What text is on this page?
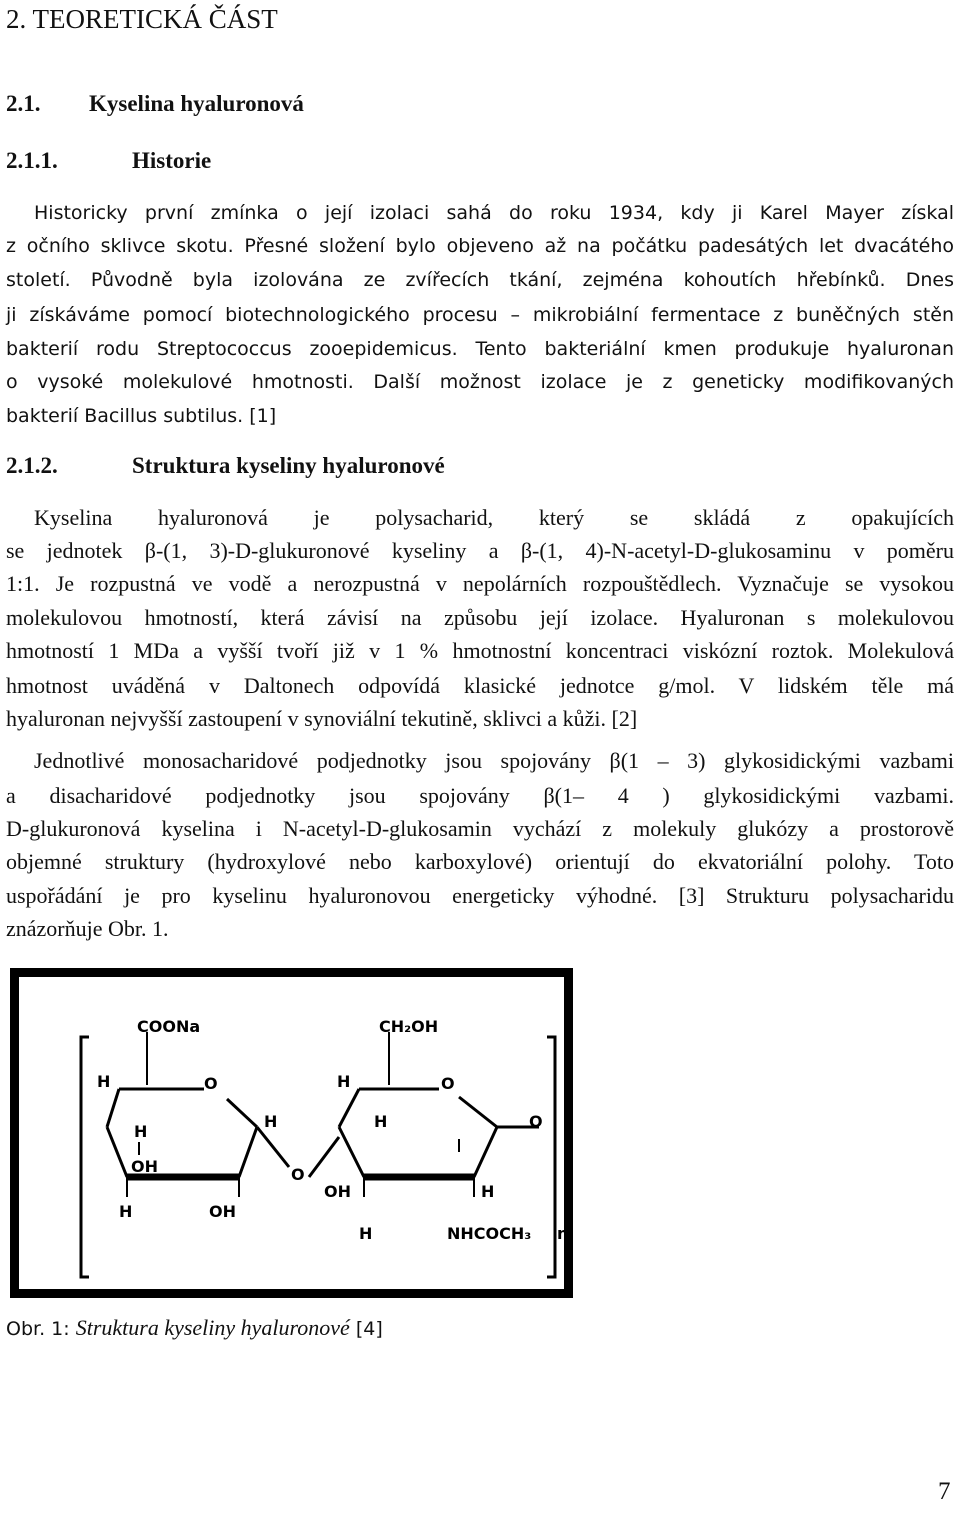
2. TEORETICKÁ ČÁST
2.1. Kyselina hyaluronová
2.1.1.	Historie
Historicky první zmínka o její izolaci sahá do roku 1934, kdy ji Karel Mayer získal
z očního sklivce skotu. Přesné složení bylo objeveno až na počátku padesátých let dvacátého
století. Původně byla izolována ze zvířecích tkání, zejména kohoutích hřebínků. Dnes
ji získáváme pomocí biotechnologického procesu – mikrobiální fermentace z buněčných stěn
bakterií rodu Streptococcus zooepidemicus. Tento bakteriální kmen produkuje hyaluronan
o vysoké molekulové hmotnosti. Další možnost izolace je z geneticky modifikovaných
bakterií Bacillus subtilus. [1]
2.1.2.	Struktura kyseliny hyaluronové
Kyselina hyaluronová je polysacharid, který se skládá z opakujících
se jednotek β-(1, 3)-D-glukuronové kyseliny a β-(1, 4)-N-acetyl-D-glukosaminu v poměru
1:1. Je rozpustná ve vodě a nerozpustná v nepolárních rozpouštědlech. Vyznačuje se vysokou
molekulovou hmotností, která závisí na způsobu její izolace. Hyaluronan s molekulovou
hmotností 1 MDa a vyšší tvoří již v 1 % hmotnostní koncentraci viskózní roztok. Molekulová
hmotnost uváděná v Daltonech odpovídá klasické jednotce g/mol. V lidském těle má
hyaluronan nejvyšší zastoupení v synoviální tekutině, sklivci a kůži. [2]
Jednotlivé monosacharidové podjednotky jsou spojovány β(1 – 3) glykosidickými vazbami
a disacharidové podjednotky jsou spojovány β(1– 4 ) glykosidickými vazbami.
D-glukuronová kyselina i N-acetyl-D-glukosamin vychází z molekuly glukózy a prostorově
objemné struktury (hydroxylové nebo karboxylové) orientují do ekvatoriální polohy. Toto
uspořádání je pro kyselinu hyaluronovou energeticky výhodné. [3] Strukturu polysacharidu
znázorňuje Obr. 1.
COONa	CH₂OH
H	O
H
H
OH	O
H	OH
H	O
H	O
OH	H
H	NHCOCH₃ n
Obr. 1: Struktura kyseliny hyaluronové [4]
7
